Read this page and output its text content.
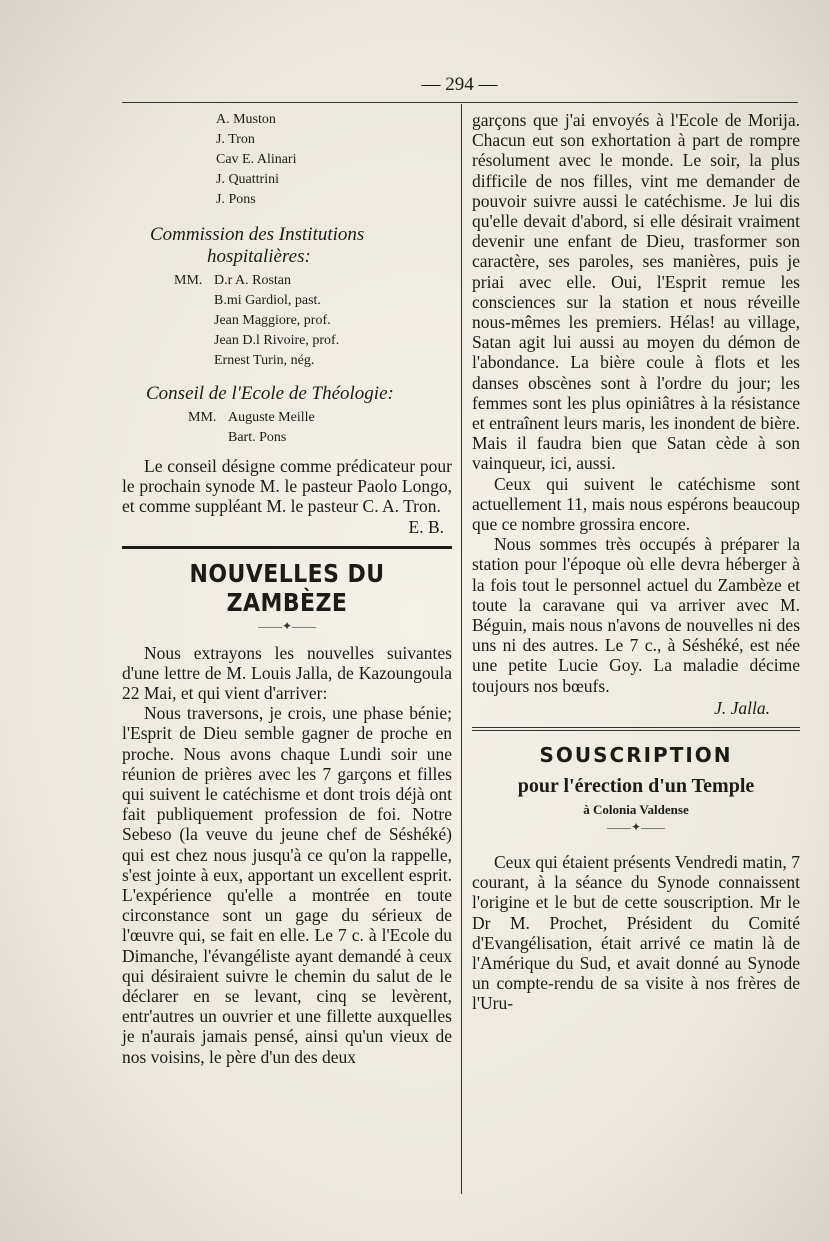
— 294 —
A. Muston
J. Tron
Cav E. Alinari
J. Quattrini
J. Pons
Commission des Institutions
hospitalières:
MM. D.r A. Rostan
B.mi Gardiol, past.
Jean Maggiore, prof.
Jean D.l Rivoire, prof.
Ernest Turin, nég.
Conseil de l'Ecole de Théologie:
MM. Auguste Meille
Bart. Pons

Le conseil désigne comme prédicateur pour le prochain synode M. le pasteur Paolo Longo, et comme suppléant M. le pasteur C. A. Tron.

E. B.
NOUVELLES DU ZAMBÈZE
——✦——

Nous extrayons les nouvelles suivantes d'une lettre de M. Louis Jalla, de Kazoungoula 22 Mai, et qui vient d'arriver:

Nous traversons, je crois, une phase bénie; l'Esprit de Dieu semble gagner de proche en proche. Nous avons chaque Lundi soir une réunion de prières avec les 7 garçons et filles qui suivent le catéchisme et dont trois déjà ont fait publiquement profession de foi. Notre Sebeso (la veuve du jeune chef de Séshéké) qui est chez nous jusqu'à ce qu'on la rappelle, s'est jointe à eux, apportant un excellent esprit. L'expérience qu'elle a montrée en toute circonstance sont un gage du sérieux de l'œuvre qui, se fait en elle. Le 7 c. à l'Ecole du Dimanche, l'évangéliste ayant demandé à ceux qui désiraient suivre le chemin du salut de le déclarer en se levant, cinq se levèrent, entr'autres un ouvrier et une fillette auxquelles je n'aurais jamais pensé, ainsi qu'un vieux de nos voisins, le père d'un des deux

garçons que j'ai envoyés à l'Ecole de Morija. Chacun eut son exhortation à part de rompre résolument avec le monde. Le soir, la plus difficile de nos filles, vint me demander de pouvoir suivre aussi le catéchisme. Je lui dis qu'elle devait d'abord, si elle désirait vraiment devenir une enfant de Dieu, trasformer son caractère, ses paroles, ses manières, puis je priai avec elle. Oui, l'Esprit remue les consciences sur la station et nous réveille nous-mêmes les premiers. Hélas! au village, Satan agit lui aussi au moyen du démon de l'abondance. La bière coule à flots et les danses obscènes sont à l'ordre du jour; les femmes sont les plus opiniâtres à la résistance et entraînent leurs maris, les inondent de bière. Mais il faudra bien que Satan cède à son vainqueur, ici, aussi.

Ceux qui suivent le catéchisme sont actuellement 11, mais nous espérons beaucoup que ce nombre grossira encore.

Nous sommes très occupés à préparer la station pour l'époque où elle devra héberger à la fois tout le personnel actuel du Zambèze et toute la caravane qui va arriver avec M. Béguin, mais nous n'avons de nouvelles ni des uns ni des autres. Le 7 c., à Séshéké, est née une petite Lucie Goy. La maladie décime toujours nos bœufs.

J. Jalla.
SOUSCRIPTION
pour l'érection d'un Temple
à Colonia Valdense
——✦——

Ceux qui étaient présents Vendredi matin, 7 courant, à la séance du Synode connaissent l'origine et le but de cette souscription. Mr le Dr M. Prochet, Président du Comité d'Evangélisation, était arrivé ce matin là de l'Amérique du Sud, et avait donné au Synode un compte-rendu de sa visite à nos frères de l'Uru-
